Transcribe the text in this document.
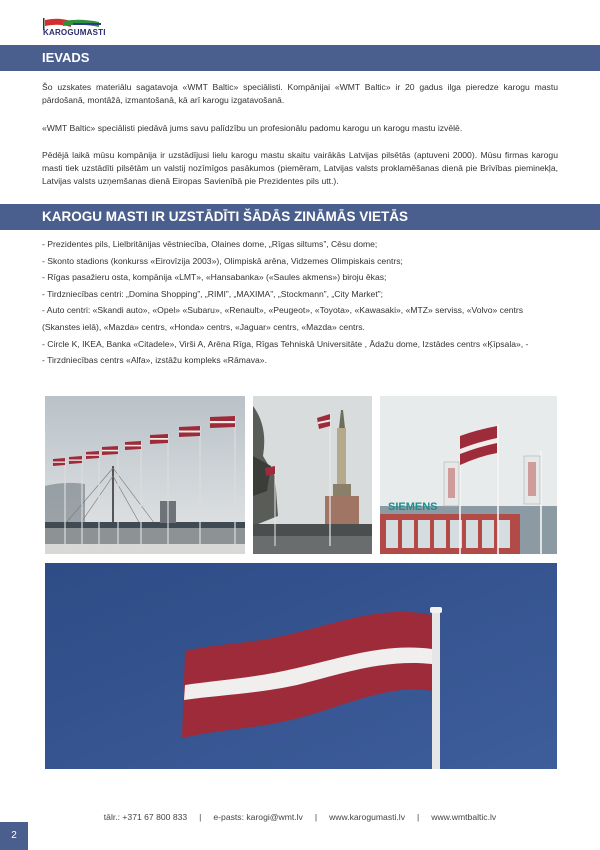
KAROGUMASTI
IEVADS
Šo uzskates materiālu sagatavoja «WMT Baltic» speciālisti. Kompānijai «WMT Baltic» ir 20 gadus ilga pieredze karogu mastu pārdošanā, montāžā, izmantošanā, kā arī karogu izgatavošanā.
«WMT Baltic» speciālisti piedāvā jums savu palīdzību un profesionālu padomu karogu un karogu mastu izvēlē.
Pēdējā laikā mūsu kompānija ir uzstādījusi lielu karogu mastu skaitu vairākās Latvijas pilsētās (aptuveni 2000). Mūsu firmas karogu masti tiek uzstādīti pilsētām un valstij nozīmīgos pasākumos (piemēram, Latvijas valsts proklamēšanas dienā pie Brīvības pieminekļa, Latvijas valsts uzņemšanas dienā Eiropas Savienībā pie Prezidentes pils utt.).
KAROGU MASTI IR UZSTĀDĪTI ŠĀDĀS ZINĀMĀS VIETĀS
- Prezidentes pils, Lielbritānijas vēstniecība, Olaines dome, „Rīgas siltums”, Cēsu dome;
- Skonto stadions (konkurss «Eirovīzija 2003»), Olimpiskā arēna, Vidzemes Olimpiskais centrs;
- Rīgas pasažieru osta, kompānija «LMT», «Hansabanka» («Saules akmens») biroju ēkas;
- Tirdzniecības centri: „Domina Shopping”, „RIMI”, „MAXIMA”, „Stockmann”, „City Market”;
- Auto centri: «Skandi auto», «Opel» «Subaru», «Renault», «Peugeot», «Toyota», «Kawasaki», «MTZ» serviss, «Volvo» centrs
(Skanstes ielā), «Mazda» centrs, «Honda» centrs, «Jaguar» centrs, «Mazda» centrs.
- Circle K, IKEA, Banka «Citadele», Virši A, Arēna Rīga, Rīgas Tehniskā Universitāte , Ādažu dome, Izstādes centrs «Ķīpsala», -
- Tirzdniecības centrs «Alfa», izstāžu kompleks «Rāmava».
SIEMENS
tālr.: +371 67 800 833 | e-pasts: karogi@wmt.lv | www.karogumasti.lv | www.wmtbaltic.lv
2
